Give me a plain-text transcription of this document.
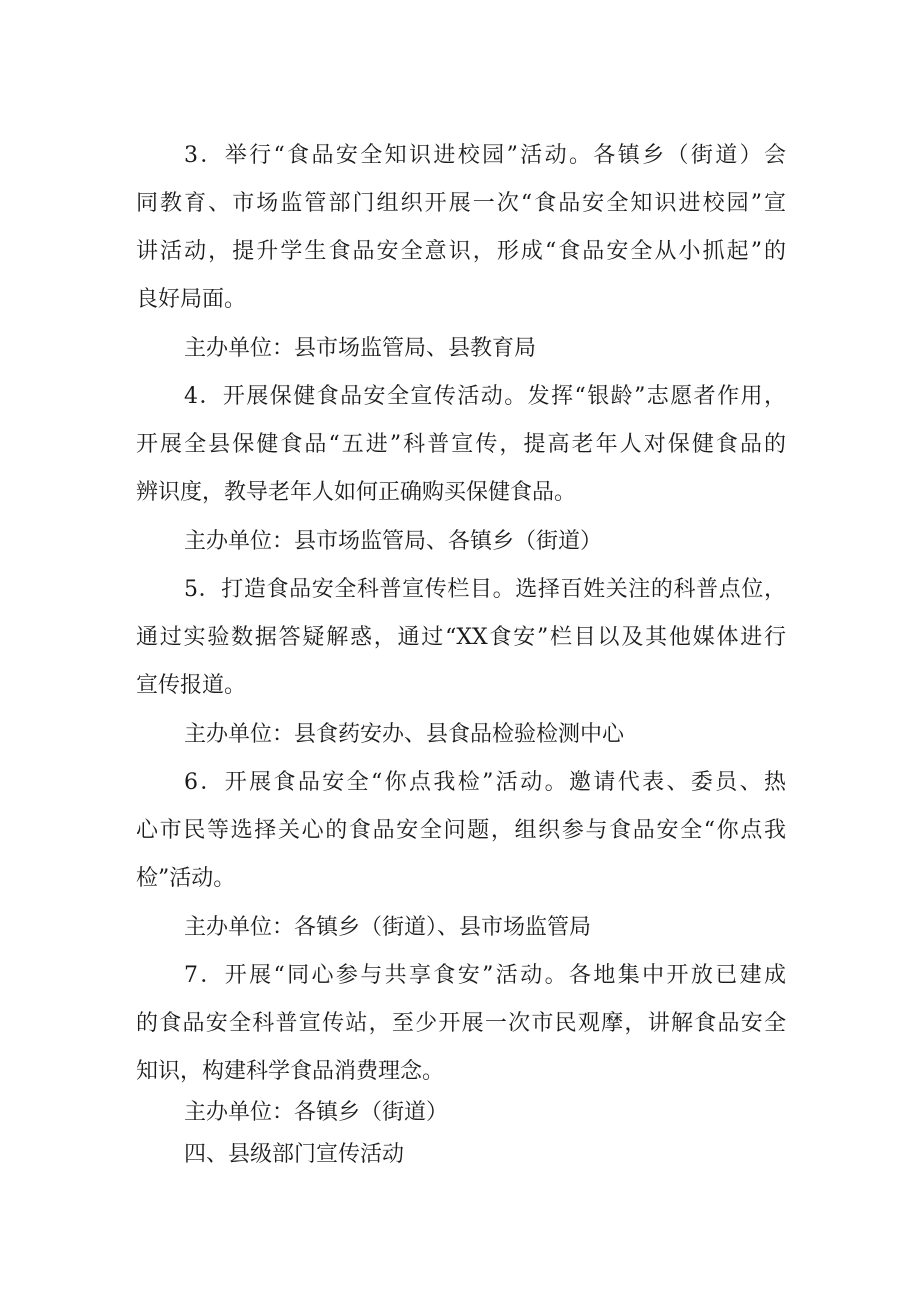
3．举行“食品安全知识进校园”活动。各镇乡（街道）会
同教育、市场监管部门组织开展一次“食品安全知识进校园”宣
讲活动，提升学生食品安全意识，形成“食品安全从小抓起”的
良好局面。
主办单位：县市场监管局、县教育局
4．开展保健食品安全宣传活动。发挥“银龄”志愿者作用，
开展全县保健食品“五进”科普宣传，提高老年人对保健食品的
辨识度，教导老年人如何正确购买保健食品。
主办单位：县市场监管局、各镇乡（街道）
5．打造食品安全科普宣传栏目。选择百姓关注的科普点位，
通过实验数据答疑解惑，通过“XX食安”栏目以及其他媒体进行
宣传报道。
主办单位：县食药安办、县食品检验检测中心
6．开展食品安全“你点我检”活动。邀请代表、委员、热
心市民等选择关心的食品安全问题，组织参与食品安全“你点我
检”活动。
主办单位：各镇乡（街道）、县市场监管局
7．开展“同心参与共享食安”活动。各地集中开放已建成
的食品安全科普宣传站，至少开展一次市民观摩，讲解食品安全
知识，构建科学食品消费理念。
主办单位：各镇乡（街道）
四、县级部门宣传活动
